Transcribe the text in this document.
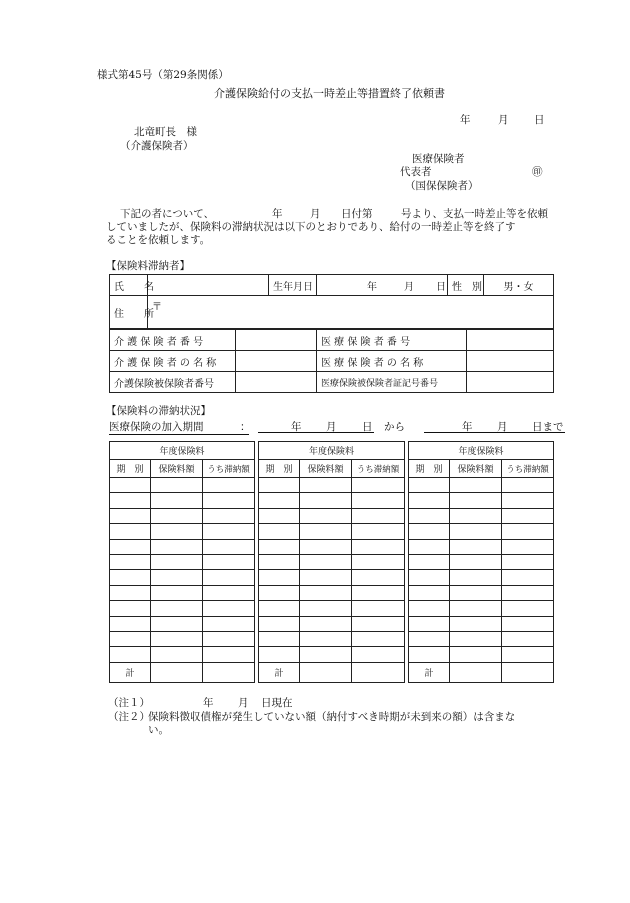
様式第45号（第29条関係）
介護保険給付の支払一時差止等措置終了依頼書
年	月 日
北竜町長　様
（介護保険者）
医療保険者
代表者	㊞
（国保保険者）
下記の者について、	年	月 日付第	号より、支払一時差止等を依頼
していましたが、保険料の滞納状況は以下のとおりであり、給付の一時差止等を終了す
ることを依頼します。
【保険料滞納者】
氏　　名		生年月日	年 月 日	性　別	男・女
住　　所	〒				
介 護 保 険 者 番 号		医 療 保 険 者 番 号	
介 護 保 険 者 の 名 称		医 療 保 険 者 の 名 称	
介護保険被保険者番号		医療保険被保険者証記号番号	
【保険料の滞納状況】
医療保険の加入期間	：	年 月 日 から	年 月 日まで
年度保険料				年度保険料				年度保険料		
期　別	保険料額	うち滞納額		期　別	保険料額	うち滞納額		期　別	保険料額	うち滞納額

計				計				計		
（注１）	年 月 日現在
（注２）
保険料徴収債権が発生していない額（納付すべき時期が未到来の額）は含まな
い。
